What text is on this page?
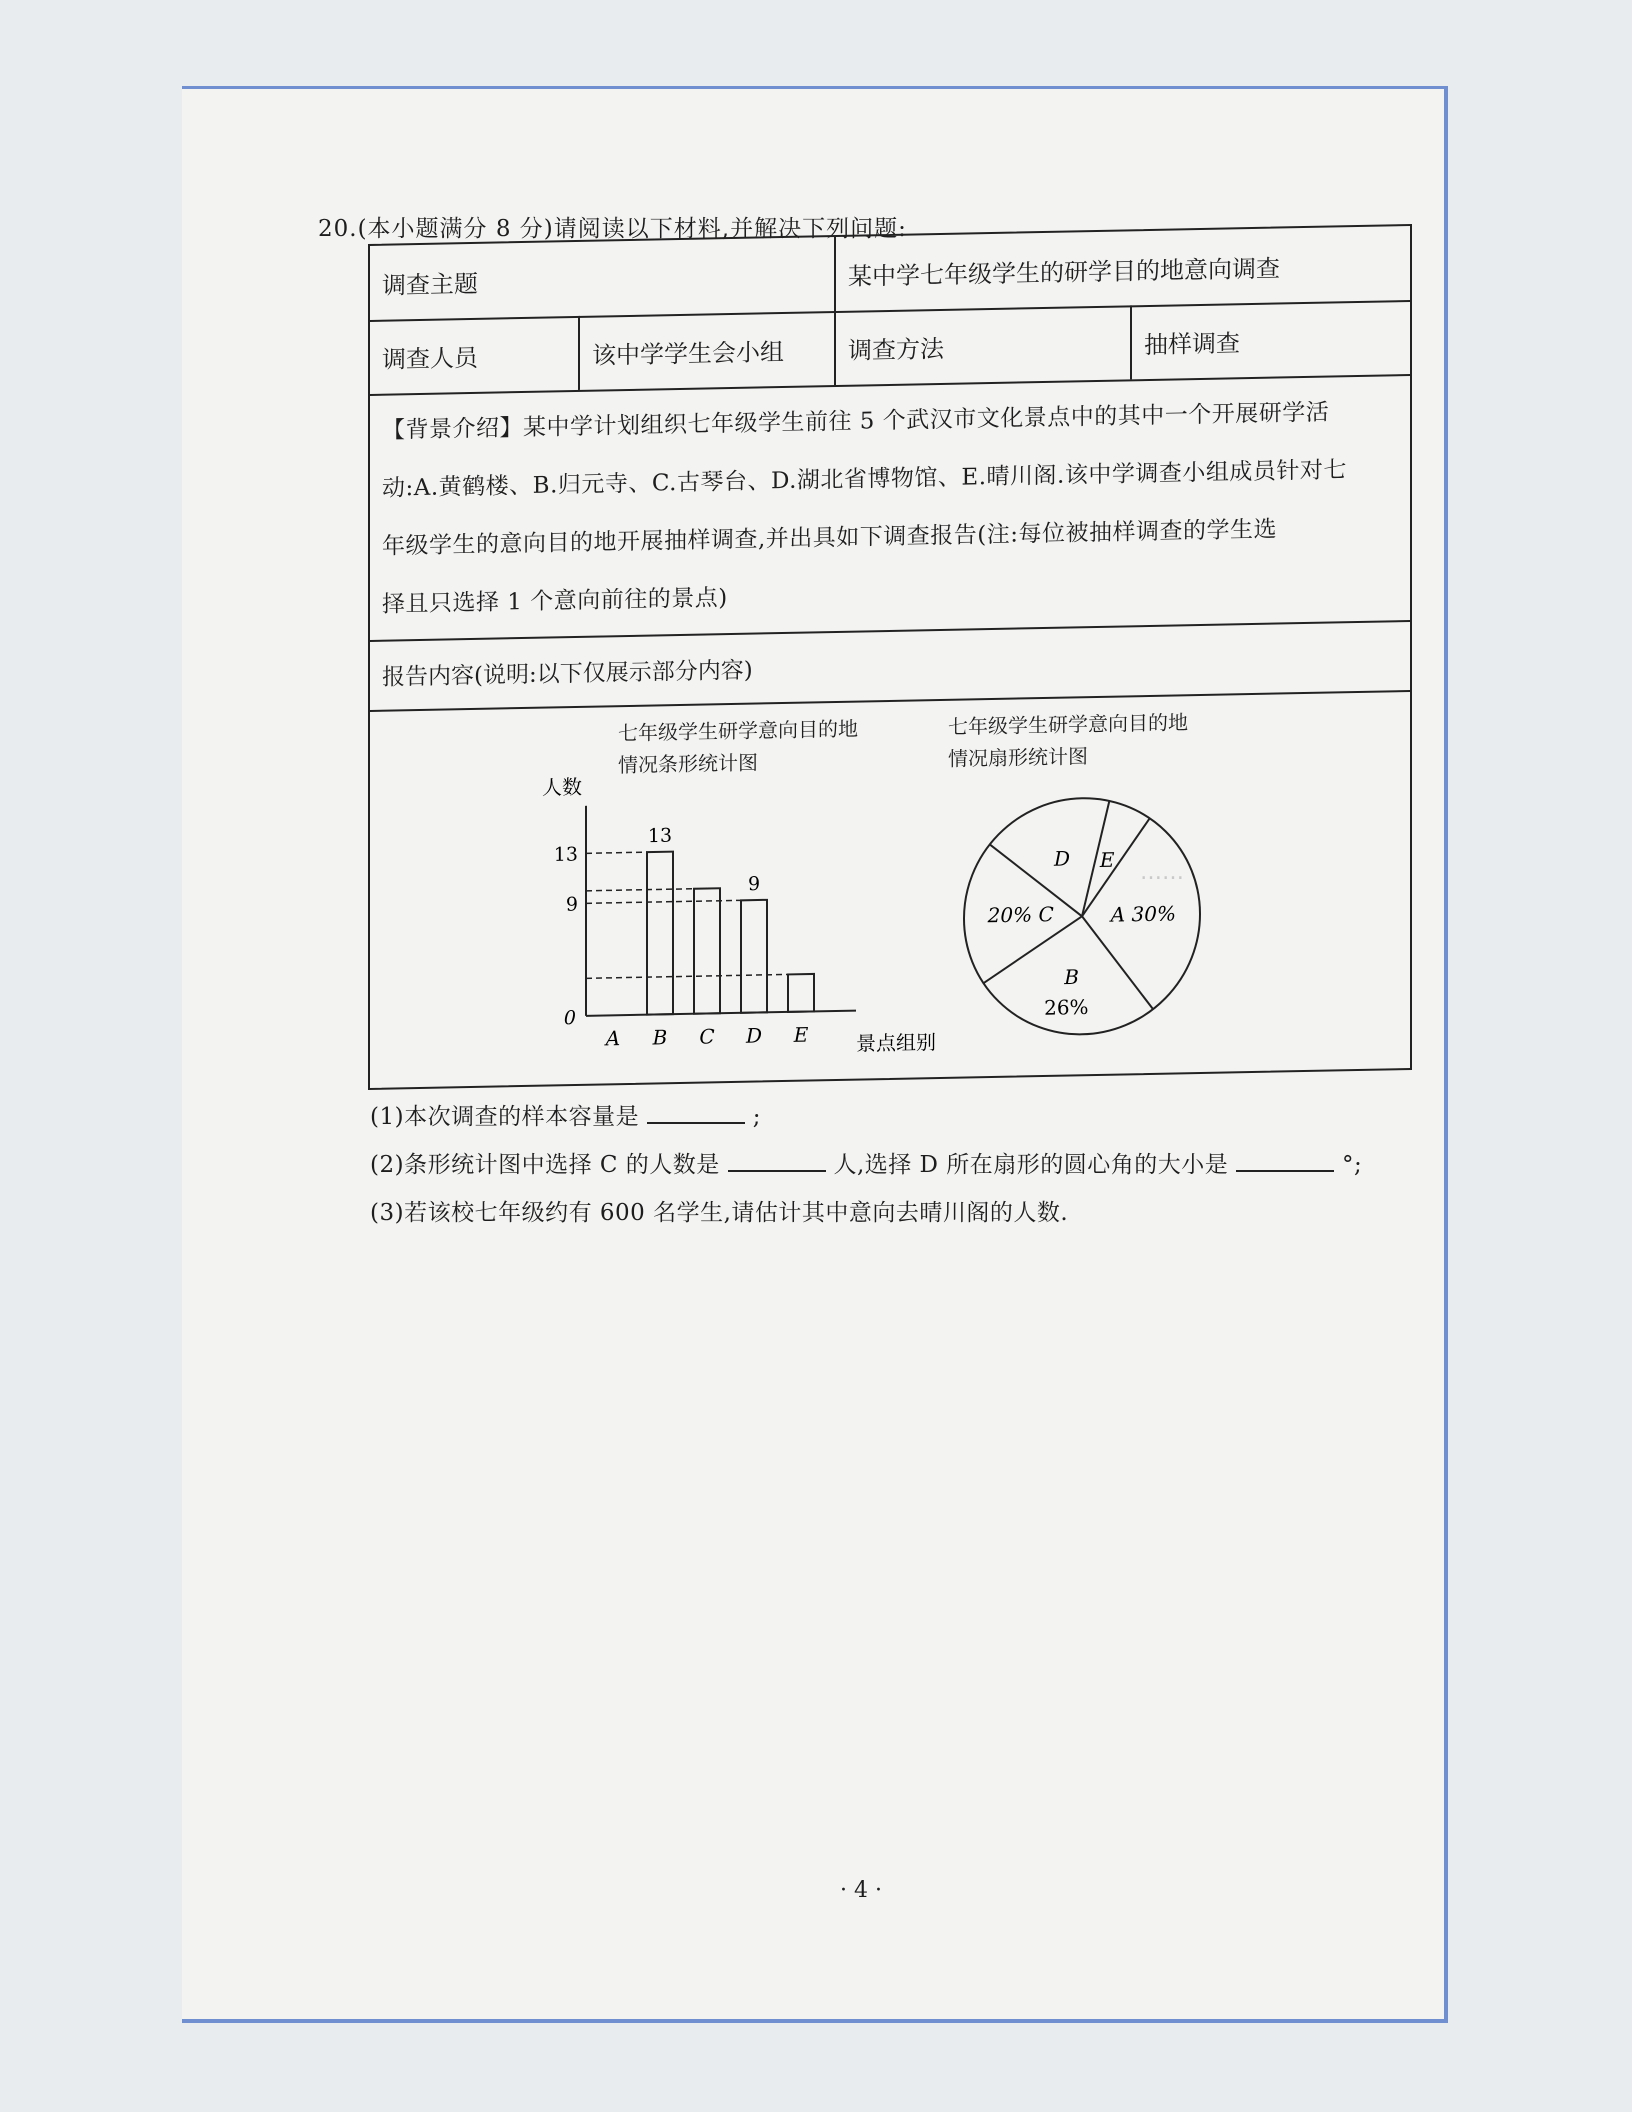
……
20.(本小题满分 8 分)请阅读以下材料,并解决下列问题:
调查主题	某中学七年级学生的研学目的地意向调查
调查人员	该中学学生会小组	调查方法	抽样调查
【背景介绍】某中学计划组织七年级学生前往 5 个武汉市文化景点中的其中一个开展研学活
动:A.黄鹤楼、B.归元寺、C.古琴台、D.湖北省博物馆、E.晴川阁.该中学调查小组成员针对七
年级学生的意向目的地开展抽样调查,并出具如下调查报告(注:每位被抽样调查的学生选
择且只选择 1 个意向前往的景点)
报告内容(说明:以下仅展示部分内容)
七年级学生研学意向目的地
情况条形统计图
七年级学生研学意向目的地
情况扇形统计图
人数
景点组别
0
9
13
A B C D E
13
9
A 30%
B
26%
20% C
D E
(1)本次调查的样本容量是	;
(2)条形统计图中选择 C 的人数是	人,选择 D 所在扇形的圆心角的大小是	°;
(3)若该校七年级约有 600 名学生,请估计其中意向去晴川阁的人数.
· 4 ·
